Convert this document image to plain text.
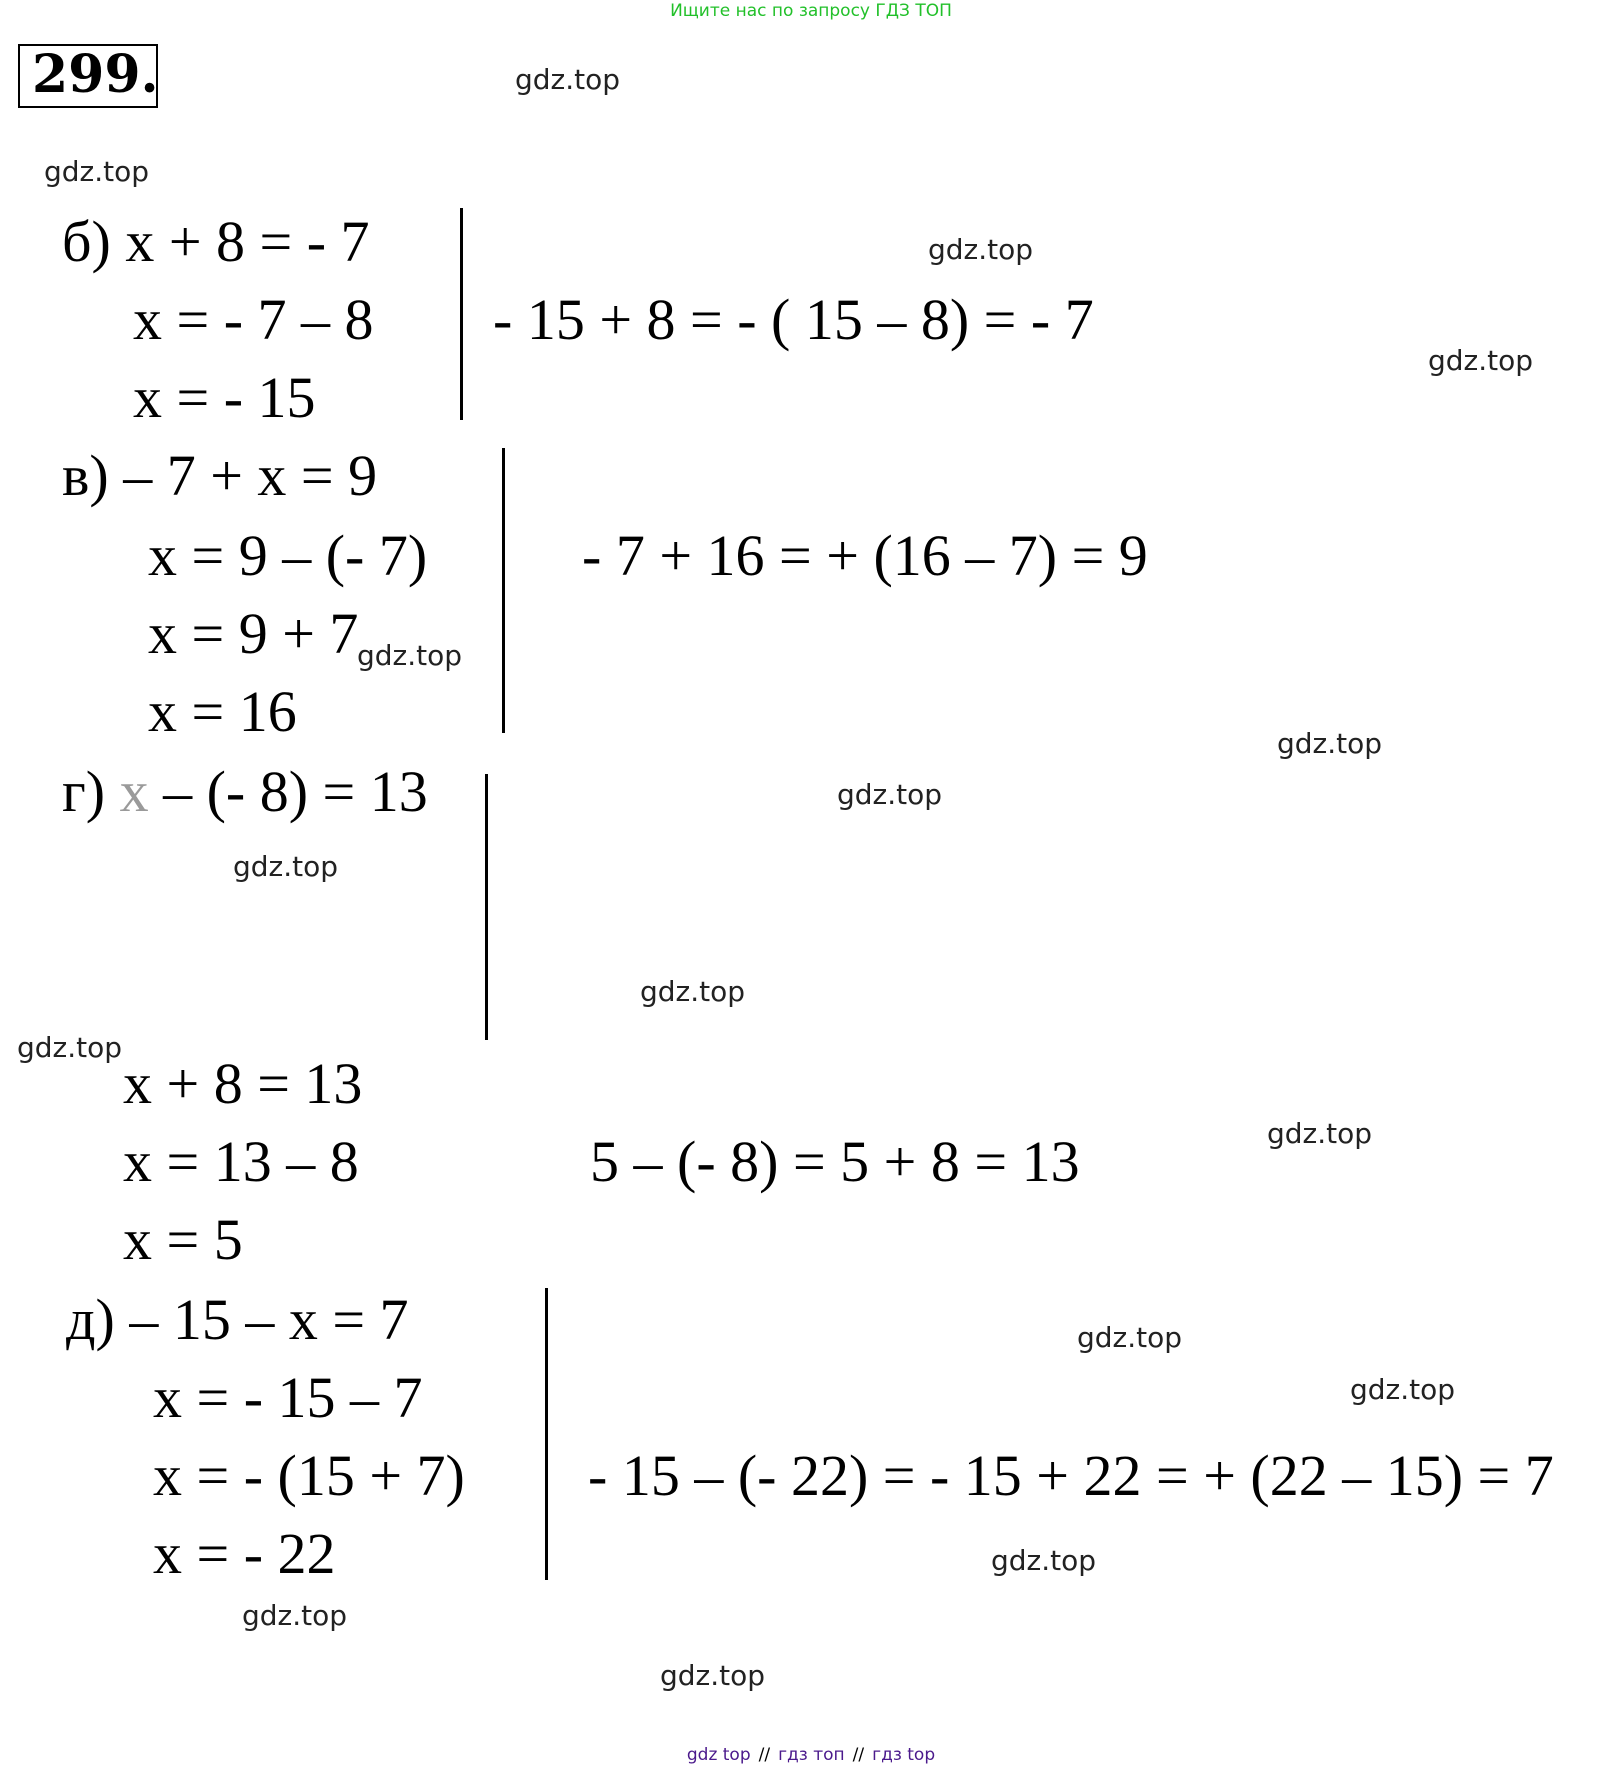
Ищите нас по запросу ГДЗ ТОП
299.	gdz.top
gdz.top
gdz.top
gdz.top
gdz.top
gdz.top
gdz.top
gdz.top
gdz.top
gdz.top
gdz.top
gdz.top
gdz.top
gdz.top
gdz.top
gdz.top
б) x + 8 = - 7
x = - 7 – 8
x = - 15
- 15 + 8 = - ( 15 – 8) = - 7
в) – 7 + x = 9
x = 9 – (- 7)
x = 9 + 7
x = 16
- 7 + 16 = + (16 – 7) = 9
г) x – (- 8) = 13
x + 8 = 13
x = 13 – 8
x = 5
5 – (- 8) = 5 + 8 = 13
д) – 15 – x = 7
x = - 15 – 7
x = - (15 + 7)
x = - 22
- 15 – (- 22) = - 15 + 22 = + (22 – 15) = 7
gdz top // гдз топ // гдз top
